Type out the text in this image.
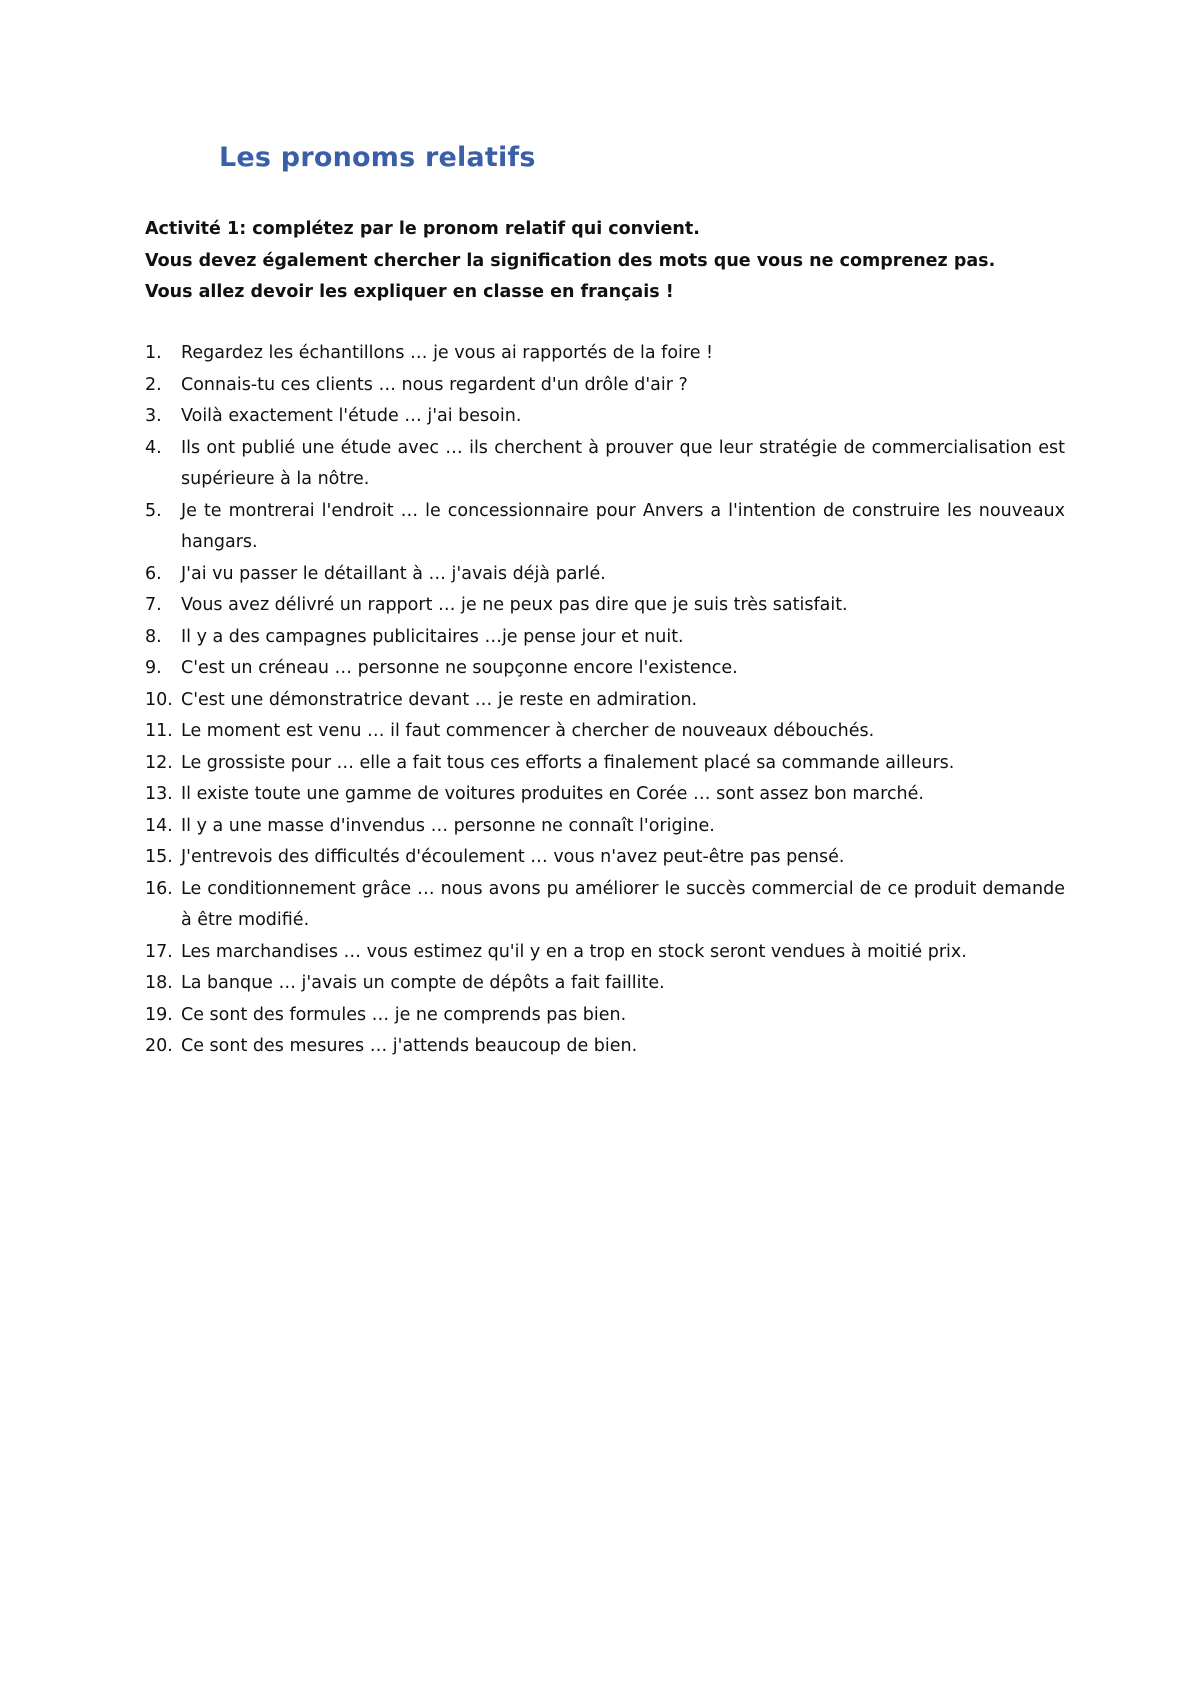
Les pronoms relatifs

Activité 1: complétez par le pronom relatif qui convient.

Vous devez également chercher la signification des mots que vous ne comprenez pas.

Vous allez devoir les expliquer en classe en français !

1.	Regardez les échantillons … je vous ai rapportés de la foire !
2.	Connais-tu ces clients … nous regardent d'un drôle d'air ?
3.	Voilà exactement l'étude … j'ai besoin.
4.	Ils ont publié une étude avec … ils cherchent à prouver que leur stratégie de commercialisation est supérieure à la nôtre.
5.	Je te montrerai l'endroit … le concessionnaire pour Anvers a l'intention de construire les nouveaux hangars.
6.	J'ai vu passer le détaillant à … j'avais déjà parlé.
7.	Vous avez délivré un rapport … je ne peux pas dire que je suis très satisfait.
8.	Il y a des campagnes publicitaires …je pense jour et nuit.
9.	C'est un créneau … personne ne soupçonne encore l'existence.
10. C'est une démonstratrice devant … je reste en admiration.
11. Le moment est venu … il faut commencer à chercher de nouveaux débouchés.
12. Le grossiste pour … elle a fait tous ces efforts a finalement placé sa commande ailleurs.
13. Il existe toute une gamme de voitures produites en Corée … sont assez bon marché.
14. Il y a une masse d'invendus … personne ne connaît l'origine.
15. J'entrevois des difficultés d'écoulement … vous n'avez peut-être pas pensé.
16. Le conditionnement grâce … nous avons pu améliorer le succès commercial de ce produit demande à être modifié.
17. Les marchandises … vous estimez qu'il y en a trop en stock seront vendues à moitié prix.
18. La banque … j'avais un compte de dépôts a fait faillite.
19. Ce sont des formules … je ne comprends pas bien.
20. Ce sont des mesures … j'attends beaucoup de bien.
